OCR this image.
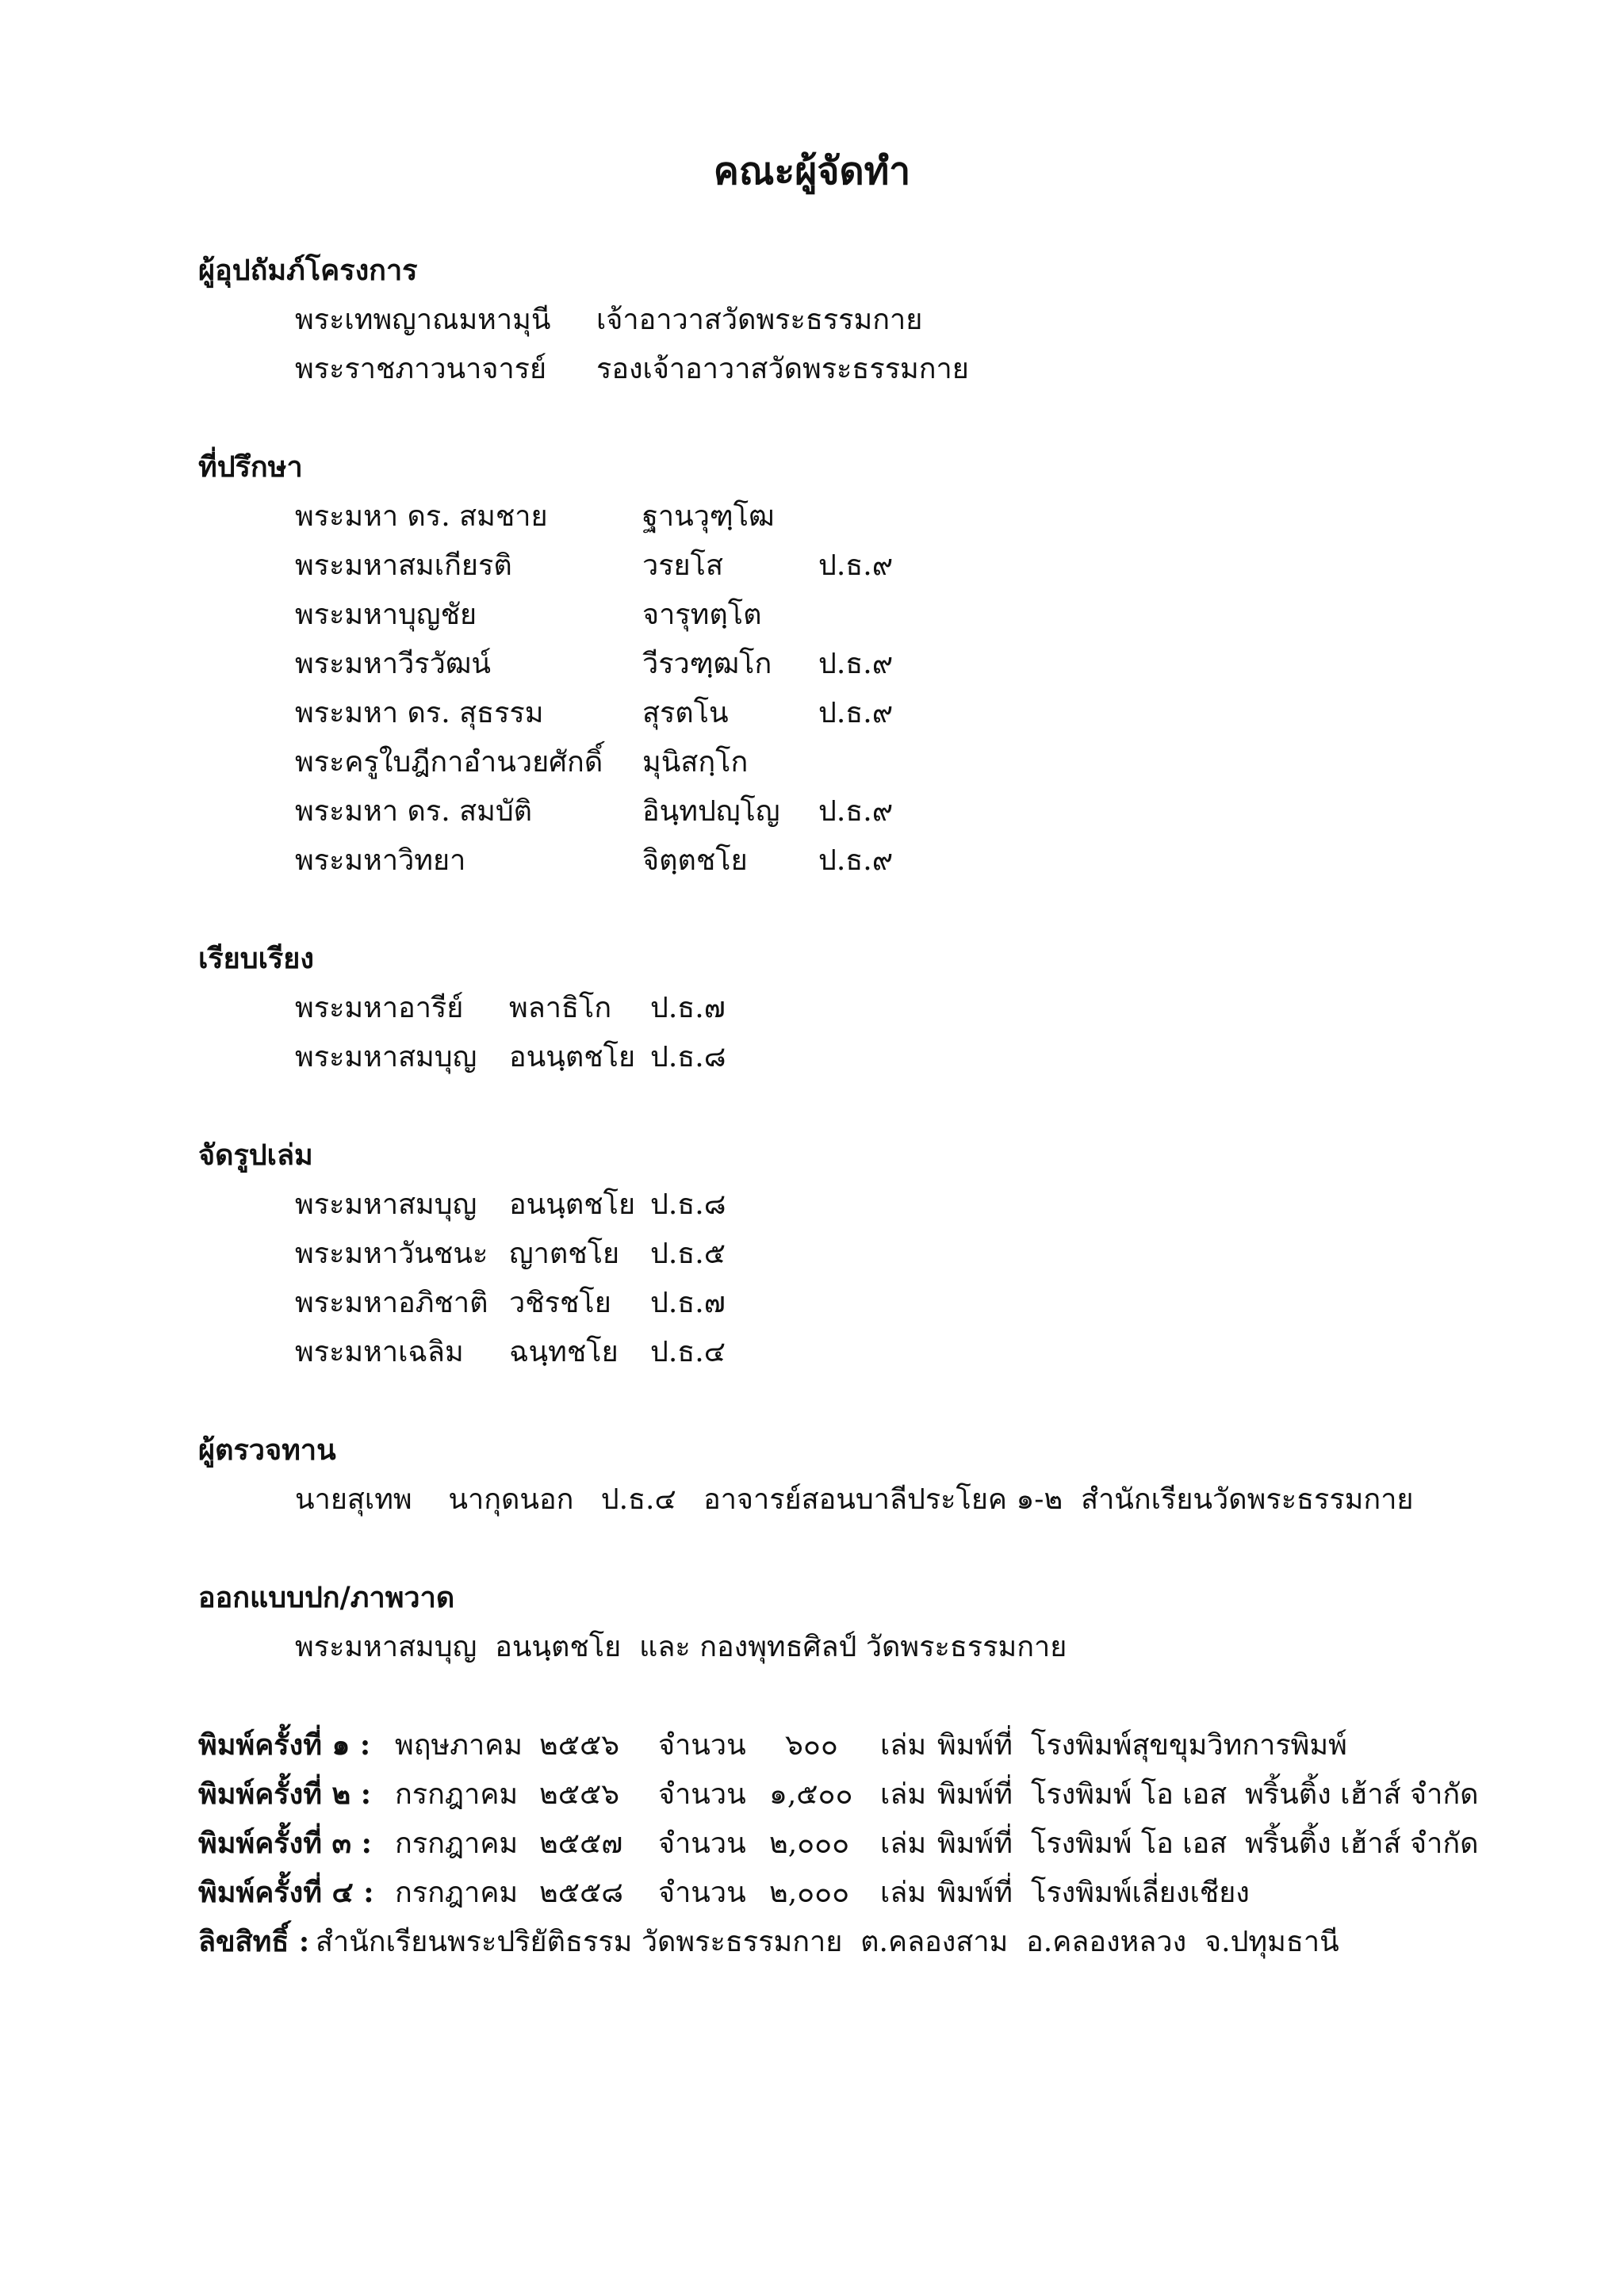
คณะผู้จัดทำ
ผู้อุปถัมภ์โครงการ
พระเทพญาณมหามุนี เจ้าอาวาสวัดพระธรรมกาย
พระราชภาวนาจารย์ รองเจ้าอาวาสวัดพระธรรมกาย
ที่ปรึกษา
พระมหา ดร. สมชาย	ฐานวุฑฺโฒ
พระมหาสมเกียรติ	วรยโส	ป.ธ.๙
พระมหาบุญชัย	จารุทตฺโต
พระมหาวีรวัฒน์	วีรวฑฺฒโก ป.ธ.๙
พระมหา ดร. สุธรรม	สุรตโน	ป.ธ.๙
พระครูใบฎีกาอำนวยศักดิ์ มุนิสกฺโก
พระมหา ดร. สมบัติ	อินฺทปญฺโญ ป.ธ.๙
พระมหาวิทยา	จิตฺตชโย ป.ธ.๙
เรียบเรียง
พระมหาอารีย์ พลาธิโก ป.ธ.๗
พระมหาสมบุญ อนนฺตชโย ป.ธ.๘
จัดรูปเล่ม
พระมหาสมบุญ อนนฺตชโย ป.ธ.๘
พระมหาวันชนะ ญาตชโย ป.ธ.๕
พระมหาอภิชาติ วชิรชโย ป.ธ.๗
พระมหาเฉลิม ฉนฺทชโย ป.ธ.๔
ผู้ตรวจทาน
นายสุเทพ    นากุดนอก   ป.ธ.๔   อาจารย์สอนบาลีประโยค ๑-๒  สำนักเรียนวัดพระธรรมกาย
ออกแบบปก/ภาพวาด
พระมหาสมบุญ  อนนฺตชโย  และ กองพุทธศิลป์ วัดพระธรรมกาย
พิมพ์ครั้งที่ ๑ : พฤษภาคม ๒๕๕๖ จำนวน ๖๐๐ เล่ม พิมพ์ที่ โรงพิมพ์สุขขุมวิทการพิมพ์
พิมพ์ครั้งที่ ๒ : กรกฎาคม ๒๕๕๖ จำนวน ๑,๕๐๐ เล่ม พิมพ์ที่ โรงพิมพ์ โอ เอส  พริ้นติ้ง เฮ้าส์ จำกัด
พิมพ์ครั้งที่ ๓ : กรกฎาคม ๒๕๕๗ จำนวน ๒,๐๐๐ เล่ม พิมพ์ที่ โรงพิมพ์ โอ เอส  พริ้นติ้ง เฮ้าส์ จำกัด
พิมพ์ครั้งที่ ๔ : กรกฎาคม ๒๕๕๘ จำนวน ๒,๐๐๐ เล่ม พิมพ์ที่ โรงพิมพ์เลี่ยงเชียง
ลิขสิทธิ์ : สำนักเรียนพระปริยัติธรรม วัดพระธรรมกาย  ต.คลองสาม  อ.คลองหลวง  จ.ปทุมธานี
